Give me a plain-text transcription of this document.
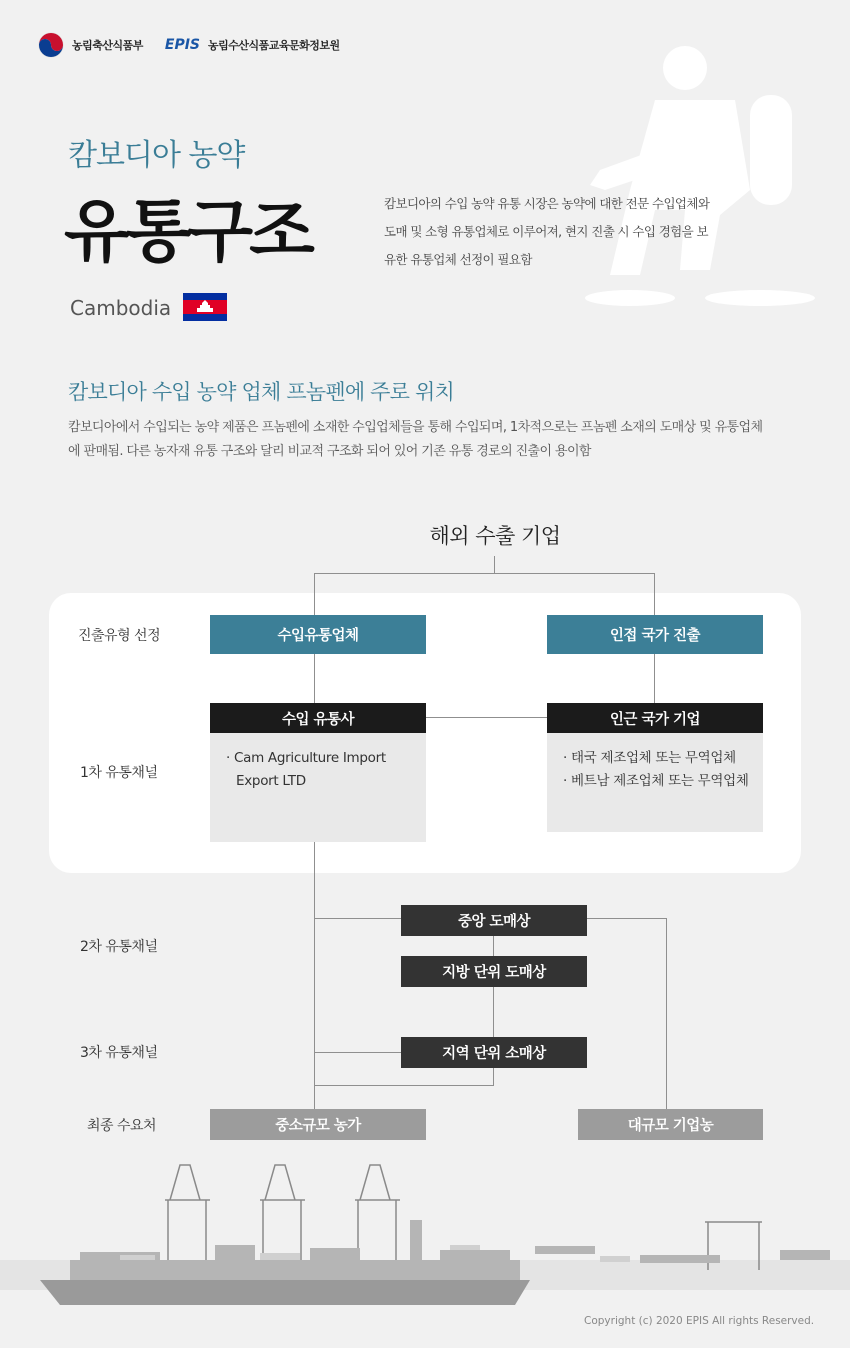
농림축산식품부 EPIS 농림수산식품교육문화정보원
캄보디아 농약
유통구조
Cambodia
캄보디아의 수입 농약 유통 시장은 농약에 대한 전문 수입업체와 도매 및 소형 유통업체로 이루어져, 현지 진출 시 수입 경험을 보유한 유통업체 선정이 필요함
캄보디아 수입 농약 업체 프놈펜에 주로 위치
캄보디아에서 수입되는 농약 제품은 프놈펜에 소재한 수입업체들을 통해 수입되며, 1차적으로는 프놈펜 소재의 도매상 및 유통업체에 판매됨. 다른 농자재 유통 구조와 달리 비교적 구조화 되어 있어 기존 유통 경로의 진출이 용이함
해외 수출 기업
진출유형 선정
1차 유통채널
2차 유통채널
3차 유통채널
최종 수요처
수입유통업체	인접 국가 진출
수입 유통사
· Cam Agriculture Import
Export LTD
인근 국가 기업
· 태국 제조업체 또는 무역업체
· 베트남 제조업체 또는 무역업체
중앙 도매상
지방 단위 도매상
지역 단위 소매상
중소규모 농가	대규모 기업농
Copyright (c) 2020 EPIS All rights Reserved.
